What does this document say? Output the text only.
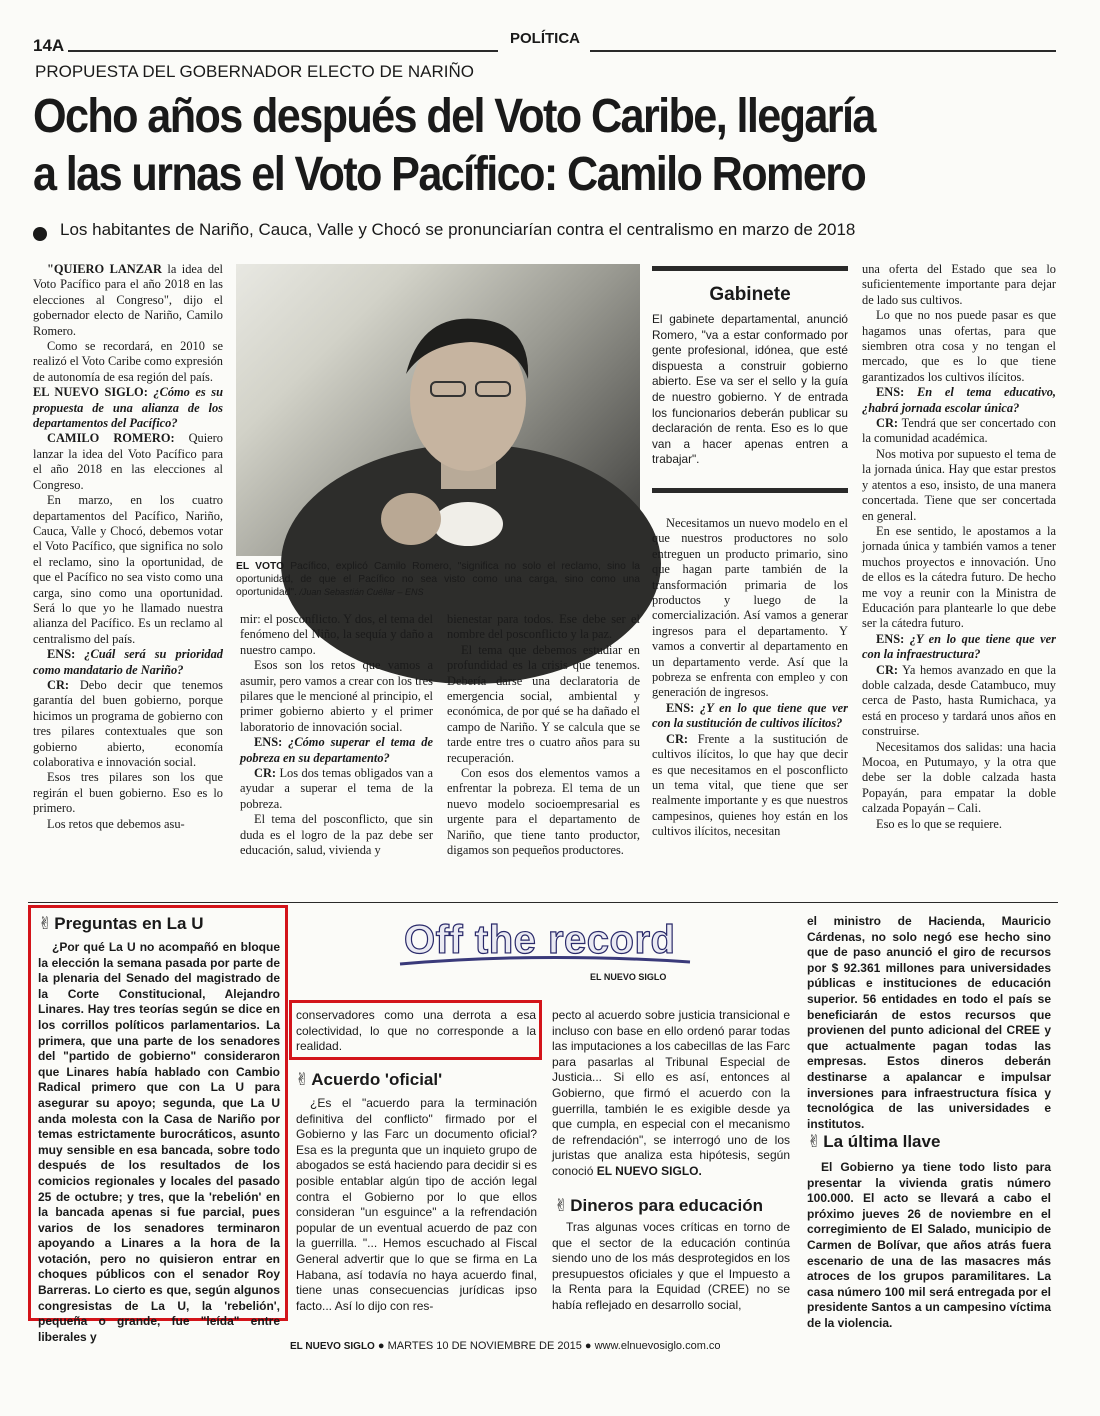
14A	POLÍTICA
PROPUESTA DEL GOBERNADOR ELECTO DE NARIÑO
Ocho años después del Voto Caribe, llegaría
a las urnas el Voto Pacífico: Camilo Romero
Los habitantes de Nariño, Cauca, Valle y Chocó se pronunciarían contra el centralismo en marzo de 2018

"QUIERO LANZAR la idea del Voto Pacífico para el año 2018 en las elecciones al Congreso", dijo el gobernador electo de Nariño, Camilo Romero.

Como se recordará, en 2010 se realizó el Voto Caribe como expresión de autonomía de esa región del país.

EL NUEVO SIGLO: ¿Cómo es su propuesta de una alianza de los departamentos del Pacífico?

CAMILO ROMERO: Quiero lanzar la idea del Voto Pacífico para el año 2018 en las elecciones al Congreso.

En marzo, en los cuatro departamentos del Pacífico, Nariño, Cauca, Valle y Chocó, debemos votar el Voto Pacífico, que significa no solo el reclamo, sino la oportunidad, de que el Pacífico no sea visto como una carga, sino como una oportunidad. Será lo que yo he llamado nuestra alianza del Pacífico. Es un reclamo al centralismo del país.

ENS: ¿Cuál será su prioridad como mandatario de Nariño?

CR: Debo decir que tenemos garantía del buen gobierno, porque hicimos un programa de gobierno con tres pilares contextuales que son gobierno abierto, economía colaborativa e innovación social.

Esos tres pilares son los que regirán el buen gobierno. Eso es lo primero.

Los retos que debemos asu-

EL VOTO Pacífico, explicó Camilo Romero, "significa no solo el reclamo, sino la oportunidad, de que el Pacífico no sea visto como una carga, sino como una oportunidad". /Juan Sebastián Cuéllar – ENS

mir: el posconflicto. Y dos, el tema del fenómeno del Niño, la sequía y daño a nuestro campo.

Esos son los retos que vamos a asumir, pero vamos a crear con los tres pilares que le mencioné al principio, el primer gobierno abierto y el primer laboratorio de innovación social.

ENS: ¿Cómo superar el tema de pobreza en su departamento?

CR: Los dos temas obligados van a ayudar a superar el tema de la pobreza.

El tema del posconflicto, que sin duda es el logro de la paz debe ser educación, salud, vivienda y

bienestar para todos. Ese debe ser el nombre del posconflicto y la paz.

El tema que debemos estudiar en profundidad es la crisis que tenemos. Debería darse una declaratoria de emergencia social, ambiental y económica, de por qué se ha dañado el campo de Nariño. Y se calcula que se tarde entre tres o cuatro años para su recuperación.

Con esos dos elementos vamos a enfrentar la pobreza. El tema de un nuevo modelo socioempresarial es urgente para el departamento de Nariño, que tiene tanto productor, digamos son pequeños productores.

Gabinete
El gabinete departamental, anunció Romero, "va a estar conformado por gente profesional, idónea, que esté dispuesta a construir gobierno abierto. Ese va ser el sello y la guía de nuestro gobierno. Y de entrada los funcionarios deberán publicar su declaración de renta. Eso es lo que van a hacer apenas entren a trabajar".

Necesitamos un nuevo modelo en el que nuestros productores no solo entreguen un producto primario, sino que hagan parte también de la transformación primaria de los productos y luego de la comercialización. Así vamos a generar ingresos para el departamento. Y vamos a convertir al departamento en un departamento verde. Así que la pobreza se enfrenta con empleo y con generación de ingresos.

ENS: ¿Y en lo que tiene que ver con la sustitución de cultivos ilícitos?

CR: Frente a la sustitución de cultivos ilícitos, lo que hay que decir es que necesitamos en el posconflicto un tema vital, que tiene que ser realmente importante y es que nuestros campesinos, quienes hoy están en los cultivos ilícitos, necesitan

una oferta del Estado que sea lo suficientemente importante para dejar de lado sus cultivos.

Lo que no nos puede pasar es que hagamos unas ofertas, para que siembren otra cosa y no tengan el mercado, que es lo que tiene garantizados los cultivos ilícitos.

ENS: En el tema educativo, ¿habrá jornada escolar única?

CR: Tendrá que ser concertado con la comunidad académica.

Nos motiva por supuesto el tema de la jornada única. Hay que estar prestos y atentos a eso, insisto, de una manera concertada. Tiene que ser concertada en general.

En ese sentido, le apostamos a la jornada única y también vamos a tener muchos proyectos e innovación. Uno de ellos es la cátedra futuro. De hecho me voy a reunir con la Ministra de Educación para plantearle lo que debe ser la cátedra futuro.

ENS: ¿Y en lo que tiene que ver con la infraestructura?

CR: Ya hemos avanzado en que la doble calzada, desde Catambuco, muy cerca de Pasto, hasta Rumichaca, ya está en proceso y tardará unos años en construirse.

Necesitamos dos salidas: una hacia Mocoa, en Putumayo, y la otra que debe ser la doble calzada hasta Popayán, para empatar la doble calzada Popayán – Cali.

Eso es lo que se requiere.

✌ Preguntas en La U
¿Por qué La U no acompañó en bloque la elección la semana pasada por parte de la plenaria del Senado del magistrado de la Corte Constitucional, Alejandro Linares. Hay tres teorías según se dice en los corrillos políticos parlamentarios. La primera, que una parte de los senadores del "partido de gobierno" consideraron que Linares había hablado con Cambio Radical primero que con La U para asegurar su apoyo; segunda, que La U anda molesta con la Casa de Nariño por temas estrictamente burocráticos, asunto muy sensible en esa bancada, sobre todo después de los resultados de los comicios regionales y locales del pasado 25 de octubre; y tres, que la 'rebelión' en la bancada apenas si fue parcial, pues varios de los senadores terminaron apoyando a Linares a la hora de la votación, pero no quisieron entrar en choques públicos con el senador Roy Barreras. Lo cierto es que, según algunos congresistas de La U, la 'rebelión', pequeña o grande, fue "leída" entre liberales y
Off the record
EL NUEVO SIGLO
conservadores como una derrota a esa colectividad, lo que no corresponde a la realidad.
✌ Acuerdo 'oficial'
¿Es el "acuerdo para la terminación definitiva del conflicto" firmado por el Gobierno y las Farc un documento oficial? Esa es la pregunta que un inquieto grupo de abogados se está haciendo para decidir si es posible entablar algún tipo de acción legal contra el Gobierno por lo que ellos consideran "un esguince" a la refrendación popular de un eventual acuerdo de paz con la guerrilla. "... Hemos escuchado al Fiscal General advertir que lo que se firma en La Habana, así todavía no haya acuerdo final, tiene unas consecuencias jurídicas ipso facto... Así lo dijo con res-
pecto al acuerdo sobre justicia transicional e incluso con base en ello ordenó parar todas las imputaciones a los cabecillas de las Farc para pasarlas al Tribunal Especial de Justicia... Si ello es así, entonces al Gobierno, que firmó el acuerdo con la guerrilla, también le es exigible desde ya que cumpla, en especial con el mecanismo de refrendación", se interrogó uno de los juristas que analiza esta hipótesis, según conoció EL NUEVO SIGLO.
✌ Dineros para educación
Tras algunas voces críticas en torno de que el sector de la educación continúa siendo uno de los más desprotegidos en los presupuestos oficiales y que el Impuesto a la Renta para la Equidad (CREE) no se había reflejado en desarrollo social,
el ministro de Hacienda, Mauricio Cárdenas, no solo negó ese hecho sino que de paso anunció el giro de recursos por $ 92.361 millones para universidades públicas e instituciones de educación superior. 56 entidades en todo el país se beneficiarán de estos recursos que provienen del punto adicional del CREE y que actualmente pagan todas las empresas. Estos dineros deberán destinarse a apalancar e impulsar inversiones para infraestructura física y tecnológica de las universidades e institutos.
✌ La última llave
El Gobierno ya tiene todo listo para presentar la vivienda gratis número 100.000. El acto se llevará a cabo el próximo jueves 26 de noviembre en el corregimiento de El Salado, municipio de Carmen de Bolívar, que años atrás fuera escenario de una de las masacres más atroces de los grupos paramilitares. La casa número 100 mil será entregada por el presidente Santos a un campesino víctima de la violencia.
EL NUEVO SIGLO ● MARTES 10 DE NOVIEMBRE DE 2015 ● www.elnuevosiglo.com.co
